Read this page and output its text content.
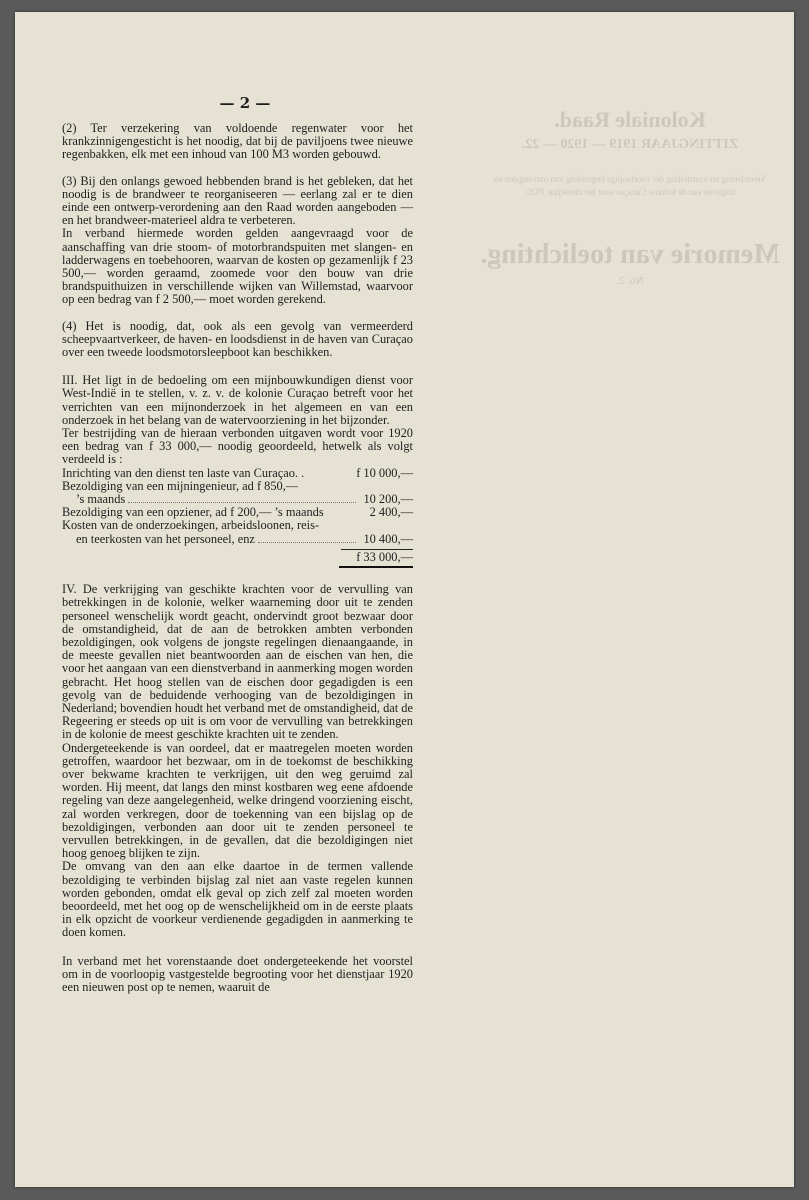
Koloniale Raad.
ZITTINGJAAR 1919 — 1920 — 22.
Verordening ter vaststelling der voorloopige begrooting van ontvangsten en uitgaven van de kolonie Curaçao voor het dienstjaar 1920.
Memorie van toelichting.
No. 2.
— 2 —

(2) Ter verzekering van voldoende regenwater voor het krankzinnigengesticht is het noodig, dat bij de paviljoens twee nieuwe regenbakken, elk met een inhoud van 100 M3 worden gebouwd.

(3) Bij den onlangs gewoed hebbenden brand is het gebleken, dat het noodig is de brandweer te reorganiseeren — eerlang zal er te dien einde een ontwerp-verordening aan den Raad worden aangeboden — en het brandweer-materieel aldra te verbeteren.

In verband hiermede worden gelden aangevraagd voor de aanschaffing van drie stoom- of motorbrandspuiten met slangen- en ladderwagens en toebehooren, waarvan de kosten op gezamenlijk f 23 500,— worden geraamd, zoomede voor den bouw van drie brandspuithuizen in verschillende wijken van Willemstad, waarvoor op een bedrag van f 2 500,— moet worden gerekend.

(4) Het is noodig, dat, ook als een gevolg van vermeerderd scheepvaartverkeer, de haven- en loodsdienst in de haven van Curaçao over een tweede loodsmotorsleepboot kan beschikken.

III. Het ligt in de bedoeling om een mijnbouwkundigen dienst voor West-Indië in te stellen, v. z. v. de kolonie Curaçao betreft voor het verrichten van een mijnonderzoek in het algemeen en van een onderzoek in het belang van de watervoorziening in het bijzonder.

Ter bestrijding van de hieraan verbonden uitgaven wordt voor 1920 een bedrag van f 33 000,— noodig geoordeeld, hetwelk als volgt verdeeld is :

Inrichting van den dienst ten laste van Curaçao. .	f 10 000,—
Bezoldiging van een mijningenieur, ad f 850,—
’s maands	10 200,—
Bezoldiging van een opziener, ad f 200,— ’s maands	2 400,—
Kosten van de onderzoekingen, arbeidsloonen, reis-
en teerkosten van het personeel, enz	10 400,—
f 33 000,—

IV. De verkrijging van geschikte krachten voor de vervulling van betrekkingen in de kolonie, welker waarneming door uit te zenden personeel wenschelijk wordt geacht, ondervindt groot bezwaar door de omstandigheid, dat de aan de betrokken ambten verbonden bezoldigingen, ook volgens de jongste regelingen dienaangaande, in de meeste gevallen niet beantwoorden aan de eischen van hen, die voor het aangaan van een dienstverband in aanmerking mogen worden gebracht. Het hoog stellen van de eischen door gegadigden is een gevolg van de beduidende verhooging van de bezoldigingen in Nederland; bovendien houdt het verband met de omstandigheid, dat de Regeering er steeds op uit is om voor de vervulling van betrekkingen in de kolonie de meest geschikte krachten uit te zenden.

Ondergeteekende is van oordeel, dat er maatregelen moeten worden getroffen, waardoor het bezwaar, om in de toekomst de beschikking over bekwame krachten te verkrijgen, uit den weg geruimd zal worden. Hij meent, dat langs den minst kostbaren weg eene afdoende regeling van deze aangelegenheid, welke dringend voorziening eischt, zal worden verkregen, door de toekenning van een bijslag op de bezoldigingen, verbonden aan door uit te zenden personeel te vervullen betrekkingen, in de gevallen, dat die bezoldigingen niet hoog genoeg blijken te zijn.

De omvang van den aan elke daartoe in de termen vallende bezoldiging te verbinden bijslag zal niet aan vaste regelen kunnen worden gebonden, omdat elk geval op zich zelf zal moeten worden beoordeeld, met het oog op de wenschelijkheid om in de eerste plaats in elk opzicht de voorkeur verdienende gegadigden in aanmerking te doen komen.

In verband met het vorenstaande doet ondergeteekende het voorstel om in de voorloopig vastgestelde begrooting voor het dienstjaar 1920 een nieuwen post op te nemen, waaruit de
